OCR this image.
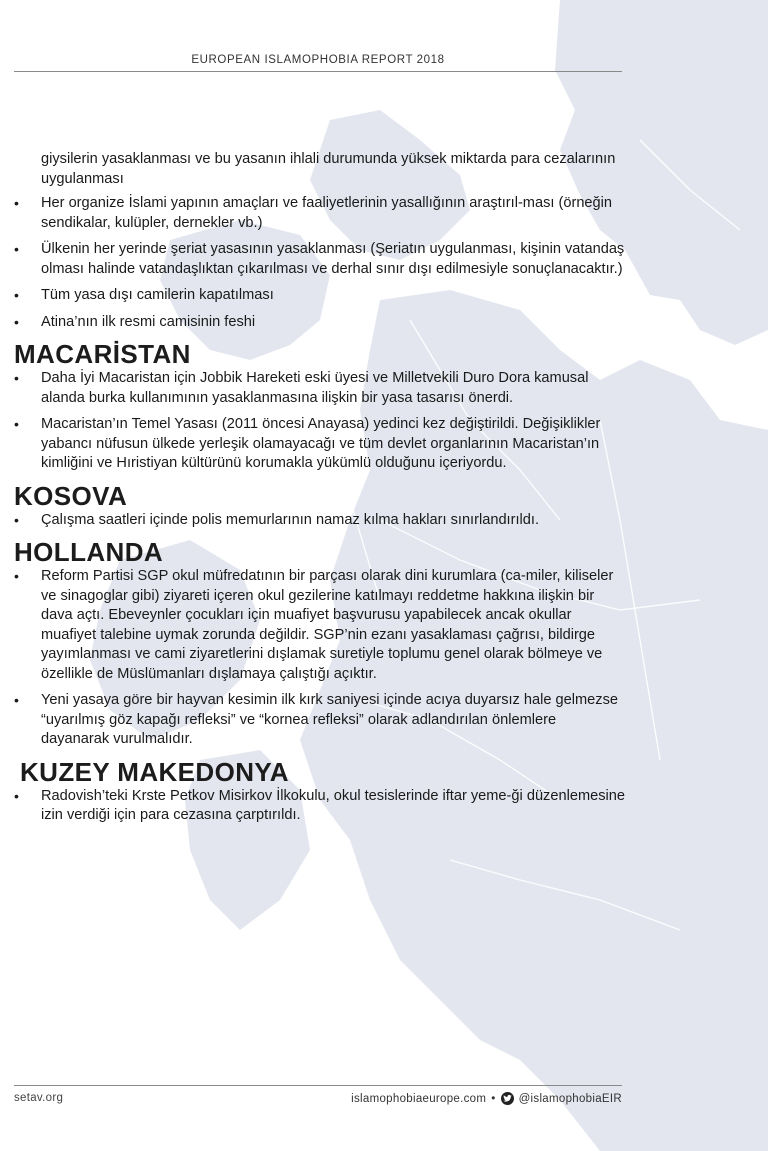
EUROPEAN ISLAMOPHOBIA REPORT 2018

giysilerin yasaklanması ve bu yasanın ihlali durumunda yüksek miktarda para cezalarının uygulanması

• Her organize İslami yapının amaçları ve faaliyetlerinin yasallığının araştırıl-ması (örneğin sendikalar, kulüpler, dernekler vb.)
• Ülkenin her yerinde şeriat yasasının yasaklanması (Şeriatın uygulanması, kişinin vatandaş olması halinde vatandaşlıktan çıkarılması ve derhal sınır dışı edilmesiyle sonuçlanacaktır.)
• Tüm yasa dışı camilerin kapatılması
• Atina’nın ilk resmi camisinin feshi
MACARİSTAN
• Daha İyi Macaristan için Jobbik Hareketi eski üyesi ve Milletvekili Duro Dora kamusal alanda burka kullanımının yasaklanmasına ilişkin bir yasa tasarısı önerdi.
• Macaristan’ın Temel Yasası (2011 öncesi Anayasa) yedinci kez değiştirildi. Değişiklikler yabancı nüfusun ülkede yerleşik olamayacağı ve tüm devlet organlarının Macaristan’ın kimliğini ve Hıristiyan kültürünü korumakla yükümlü olduğunu içeriyordu.
KOSOVA
• Çalışma saatleri içinde polis memurlarının namaz kılma hakları sınırlandırıldı.
HOLLANDA
• Reform Partisi SGP okul müfredatının bir parçası olarak dini kurumlara (ca-miler, kiliseler ve sinagoglar gibi) ziyareti içeren okul gezilerine katılmayı reddetme hakkına ilişkin bir dava açtı. Ebeveynler çocukları için muafiyet başvurusu yapabilecek ancak okullar muafiyet talebine uymak zorunda değildir. SGP’nin ezanı yasaklaması çağrısı, bildirge yayımlanması ve cami ziyaretlerini dışlamak suretiyle toplumu genel olarak bölmeye ve özellikle de Müslümanları dışlamaya çalıştığı açıktır.
• Yeni yasaya göre bir hayvan kesimin ilk kırk saniyesi içinde acıya duyarsız hale gelmezse “uyarılmış göz kapağı refleksi” ve “kornea refleksi” olarak adlandırılan önlemlere dayanarak vurulmalıdır.
KUZEY MAKEDONYA
• Radovish’teki Krste Petkov Misirkov İlkokulu, okul tesislerinde iftar yeme-ği düzenlemesine izin verdiği için para cezasına çarptırıldı.
setav.org	islamophobiaeurope.com • @islamophobiaEIR
